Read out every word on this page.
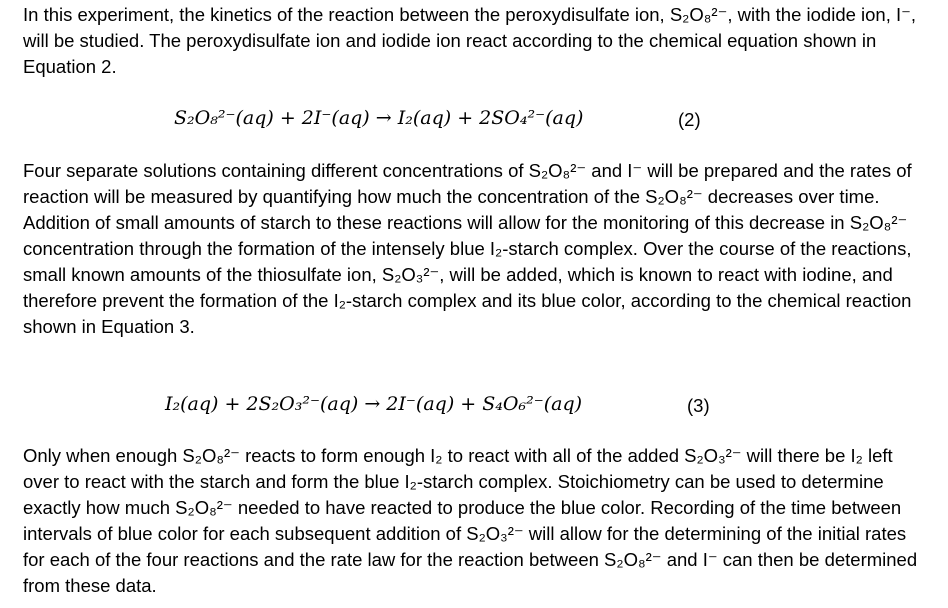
In this experiment, the kinetics of the reaction between the peroxydisulfate ion, S₂O₈²⁻, with the iodide ion, I⁻, will be studied. The peroxydisulfate ion and iodide ion react according to the chemical equation shown in Equation 2.

S₂O₈²⁻(aq) + 2I⁻(aq) → I₂(aq) + 2SO₄²⁻(aq)	(2)

Four separate solutions containing different concentrations of S₂O₈²⁻ and I⁻ will be prepared and the rates of reaction will be measured by quantifying how much the concentration of the S₂O₈²⁻ decreases over time. Addition of small amounts of starch to these reactions will allow for the monitoring of this decrease in S₂O₈²⁻ concentration through the formation of the intensely blue I₂-starch complex. Over the course of the reactions, small known amounts of the thiosulfate ion, S₂O₃²⁻, will be added, which is known to react with iodine, and therefore prevent the formation of the I₂-starch complex and its blue color, according to the chemical reaction shown in Equation 3.

I₂(aq) + 2S₂O₃²⁻(aq) → 2I⁻(aq) + S₄O₆²⁻(aq)	(3)

Only when enough S₂O₈²⁻ reacts to form enough I₂ to react with all of the added S₂O₃²⁻ will there be I₂ left over to react with the starch and form the blue I₂-starch complex. Stoichiometry can be used to determine exactly how much S₂O₈²⁻ needed to have reacted to produce the blue color. Recording of the time between intervals of blue color for each subsequent addition of S₂O₃²⁻ will allow for the determining of the initial rates for each of the four reactions and the rate law for the reaction between S₂O₈²⁻ and I⁻ can then be determined from these data.
